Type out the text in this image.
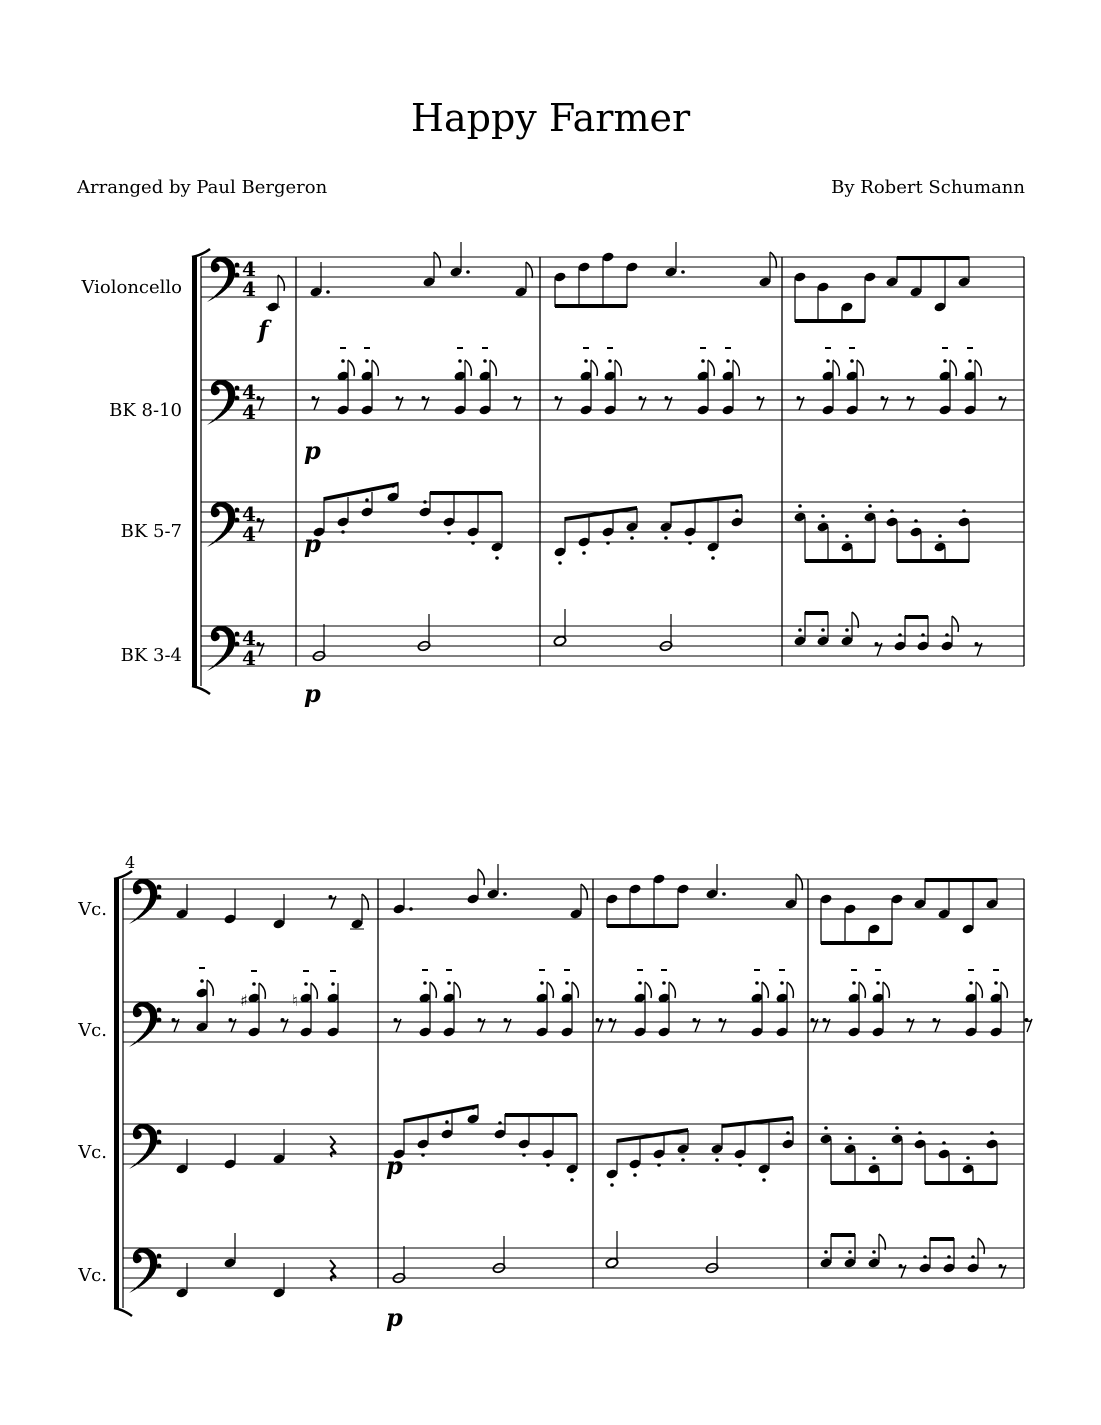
Happy Farmer
Arranged by Paul Bergeron	By Robert Schumann
Violoncello
BK 8-10
BK 5-7
BK 3-4
4
Vc.
Vc.
Vc.
Vc.
4
4
4
4
4
4
4
4
f
p
p
p
♯	♮
p
p
